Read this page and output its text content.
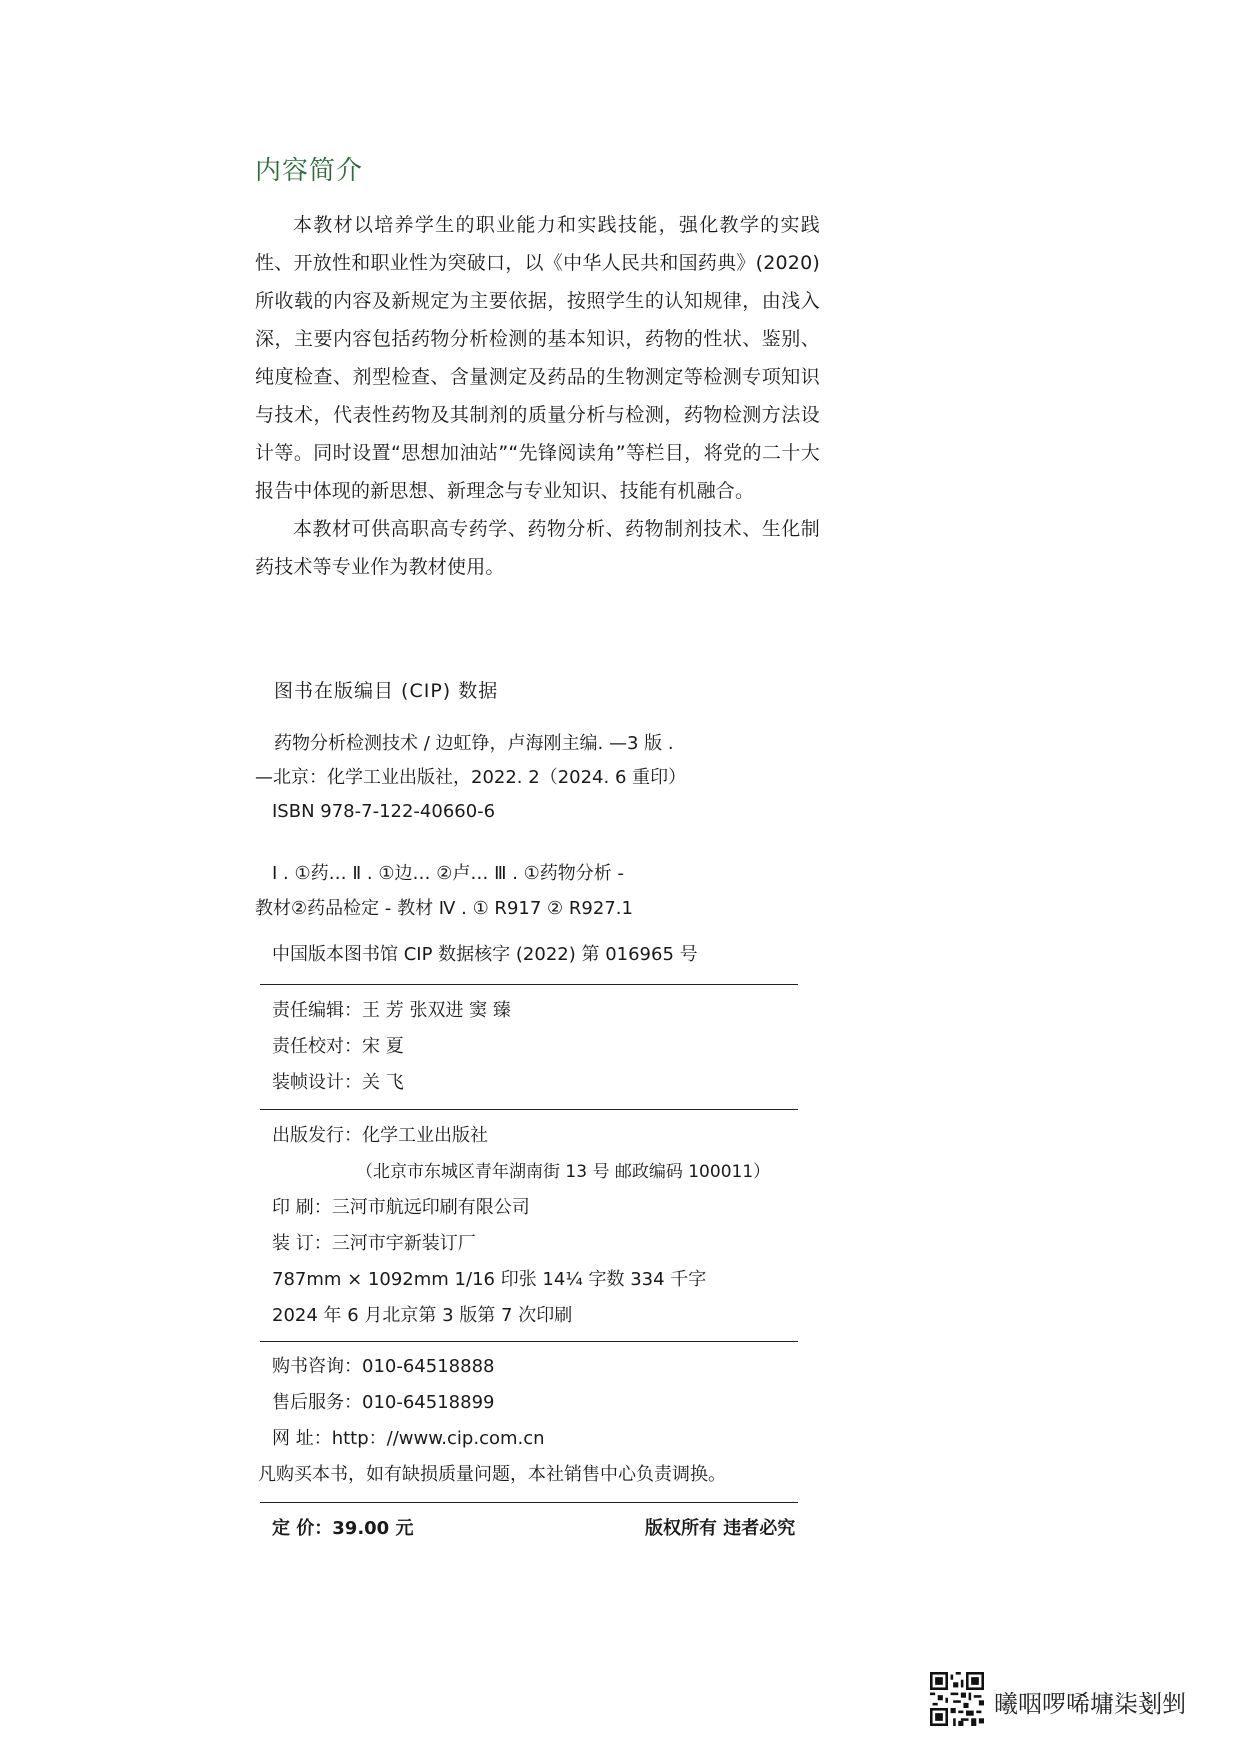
内容简介

本教材以培养学生的职业能力和实践技能，强化教学的实践性、开放性和职业性为突破口，以《中华人民共和国药典》(2020) 所收载的内容及新规定为主要依据，按照学生的认知规律，由浅入深，主要内容包括药物分析检测的基本知识，药物的性状、鉴别、纯度检查、剂型检查、含量测定及药品的生物测定等检测专项知识与技术，代表性药物及其制剂的质量分析与检测，药物检测方法设计等。同时设置“思想加油站”“先锋阅读角”等栏目，将党的二十大报告中体现的新思想、新理念与专业知识、技能有机融合。

本教材可供高职高专药学、药物分析、药物制剂技术、生化制药技术等专业作为教材使用。

图书在版编目 (CIP) 数据
药物分析检测技术 / 边虹铮，卢海刚主编. —3 版 .
—北京：化学工业出版社，2022. 2（2024. 6 重印）
ISBN 978-7-122-40660-6
Ⅰ . ①药… Ⅱ . ①边… ②卢… Ⅲ . ①药物分析 -
教材②药品检定 - 教材 Ⅳ . ① R917 ② R927.1
中国版本图书馆 CIP 数据核字 (2022) 第 016965 号
责任编辑：王 芳 张双进 窦 臻
责任校对：宋 夏
装帧设计：关 飞
出版发行：化学工业出版社
（北京市东城区青年湖南街 13 号 邮政编码 100011）
印 刷：三河市航远印刷有限公司
装 订：三河市宇新装订厂
787mm × 1092mm 1/16 印张 14¼ 字数 334 千字
2024 年 6 月北京第 3 版第 7 次印刷
购书咨询：010-64518888
售后服务：010-64518899
网 址：http：//www.cip.com.cn
凡购买本书，如有缺损质量问题，本社销售中心负责调换。
定 价：39.00 元	版权所有 违者必究
曦咽啰唏墉柒剗剉
